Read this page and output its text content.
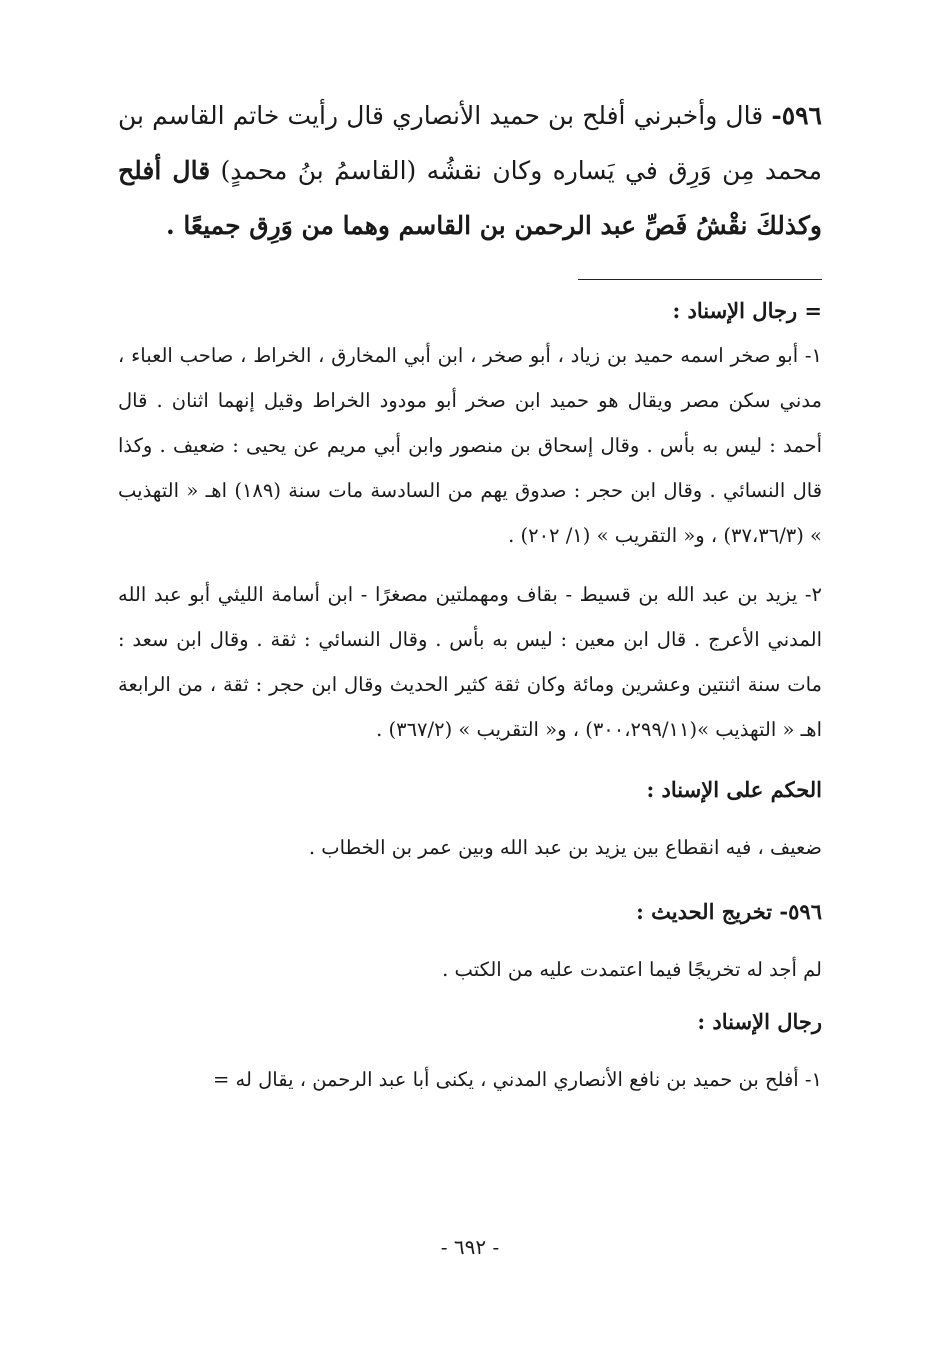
٥٩٦- قال وأخبرني أفلح بن حميد الأنصاري قال رأيت خاتم القاسم بن محمد مِن وَرِق في يَساره وكان نقشُه (القاسمُ بنُ محمدٍ) قال أفلح وكذلكَ نقْشُ فَصِّ عبد الرحمن بن القاسم وهما من وَرِق جميعًا .

= رجال الإسناد :

١- أبو صخر اسمه حميد بن زياد ، أبو صخر ، ابن أبي المخارق ، الخراط ، صاحب العباء ، مدني سكن مصر ويقال هو حميد ابن صخر أبو مودود الخراط وقيل إنهما اثنان . قال أحمد : ليس به بأس . وقال إسحاق بن منصور وابن أبي مريم عن يحيى : ضعيف . وكذا قال النسائي . وقال ابن حجر : صدوق يهم من السادسة مات سنة (١٨٩) اهـ « التهذيب » (٣٧،٣٦/٣) ، و« التقريب » (١/ ٢٠٢) .

٢- يزيد بن عبد الله بن قسيط - بقاف ومهملتين مصغرًا - ابن أسامة الليثي أبو عبد الله المدني الأعرج . قال ابن معين : ليس به بأس . وقال النسائي : ثقة . وقال ابن سعد : مات سنة اثنتين وعشرين ومائة وكان ثقة كثير الحديث وقال ابن حجر : ثقة ، من الرابعة اهـ « التهذيب »(٣٠٠،٢٩٩/١١) ، و« التقريب » (٣٦٧/٢) .

الحكم على الإسناد :

ضعيف ، فيه انقطاع بين يزيد بن عبد الله وبين عمر بن الخطاب .

٥٩٦- تخريج الحديث :

لم أجد له تخريجًا فيما اعتمدت عليه من الكتب .

رجال الإسناد :

١- أفلح بن حميد بن نافع الأنصاري المدني ، يكنى أبا عبد الرحمن ، يقال له =

- ٦٩٢ -
